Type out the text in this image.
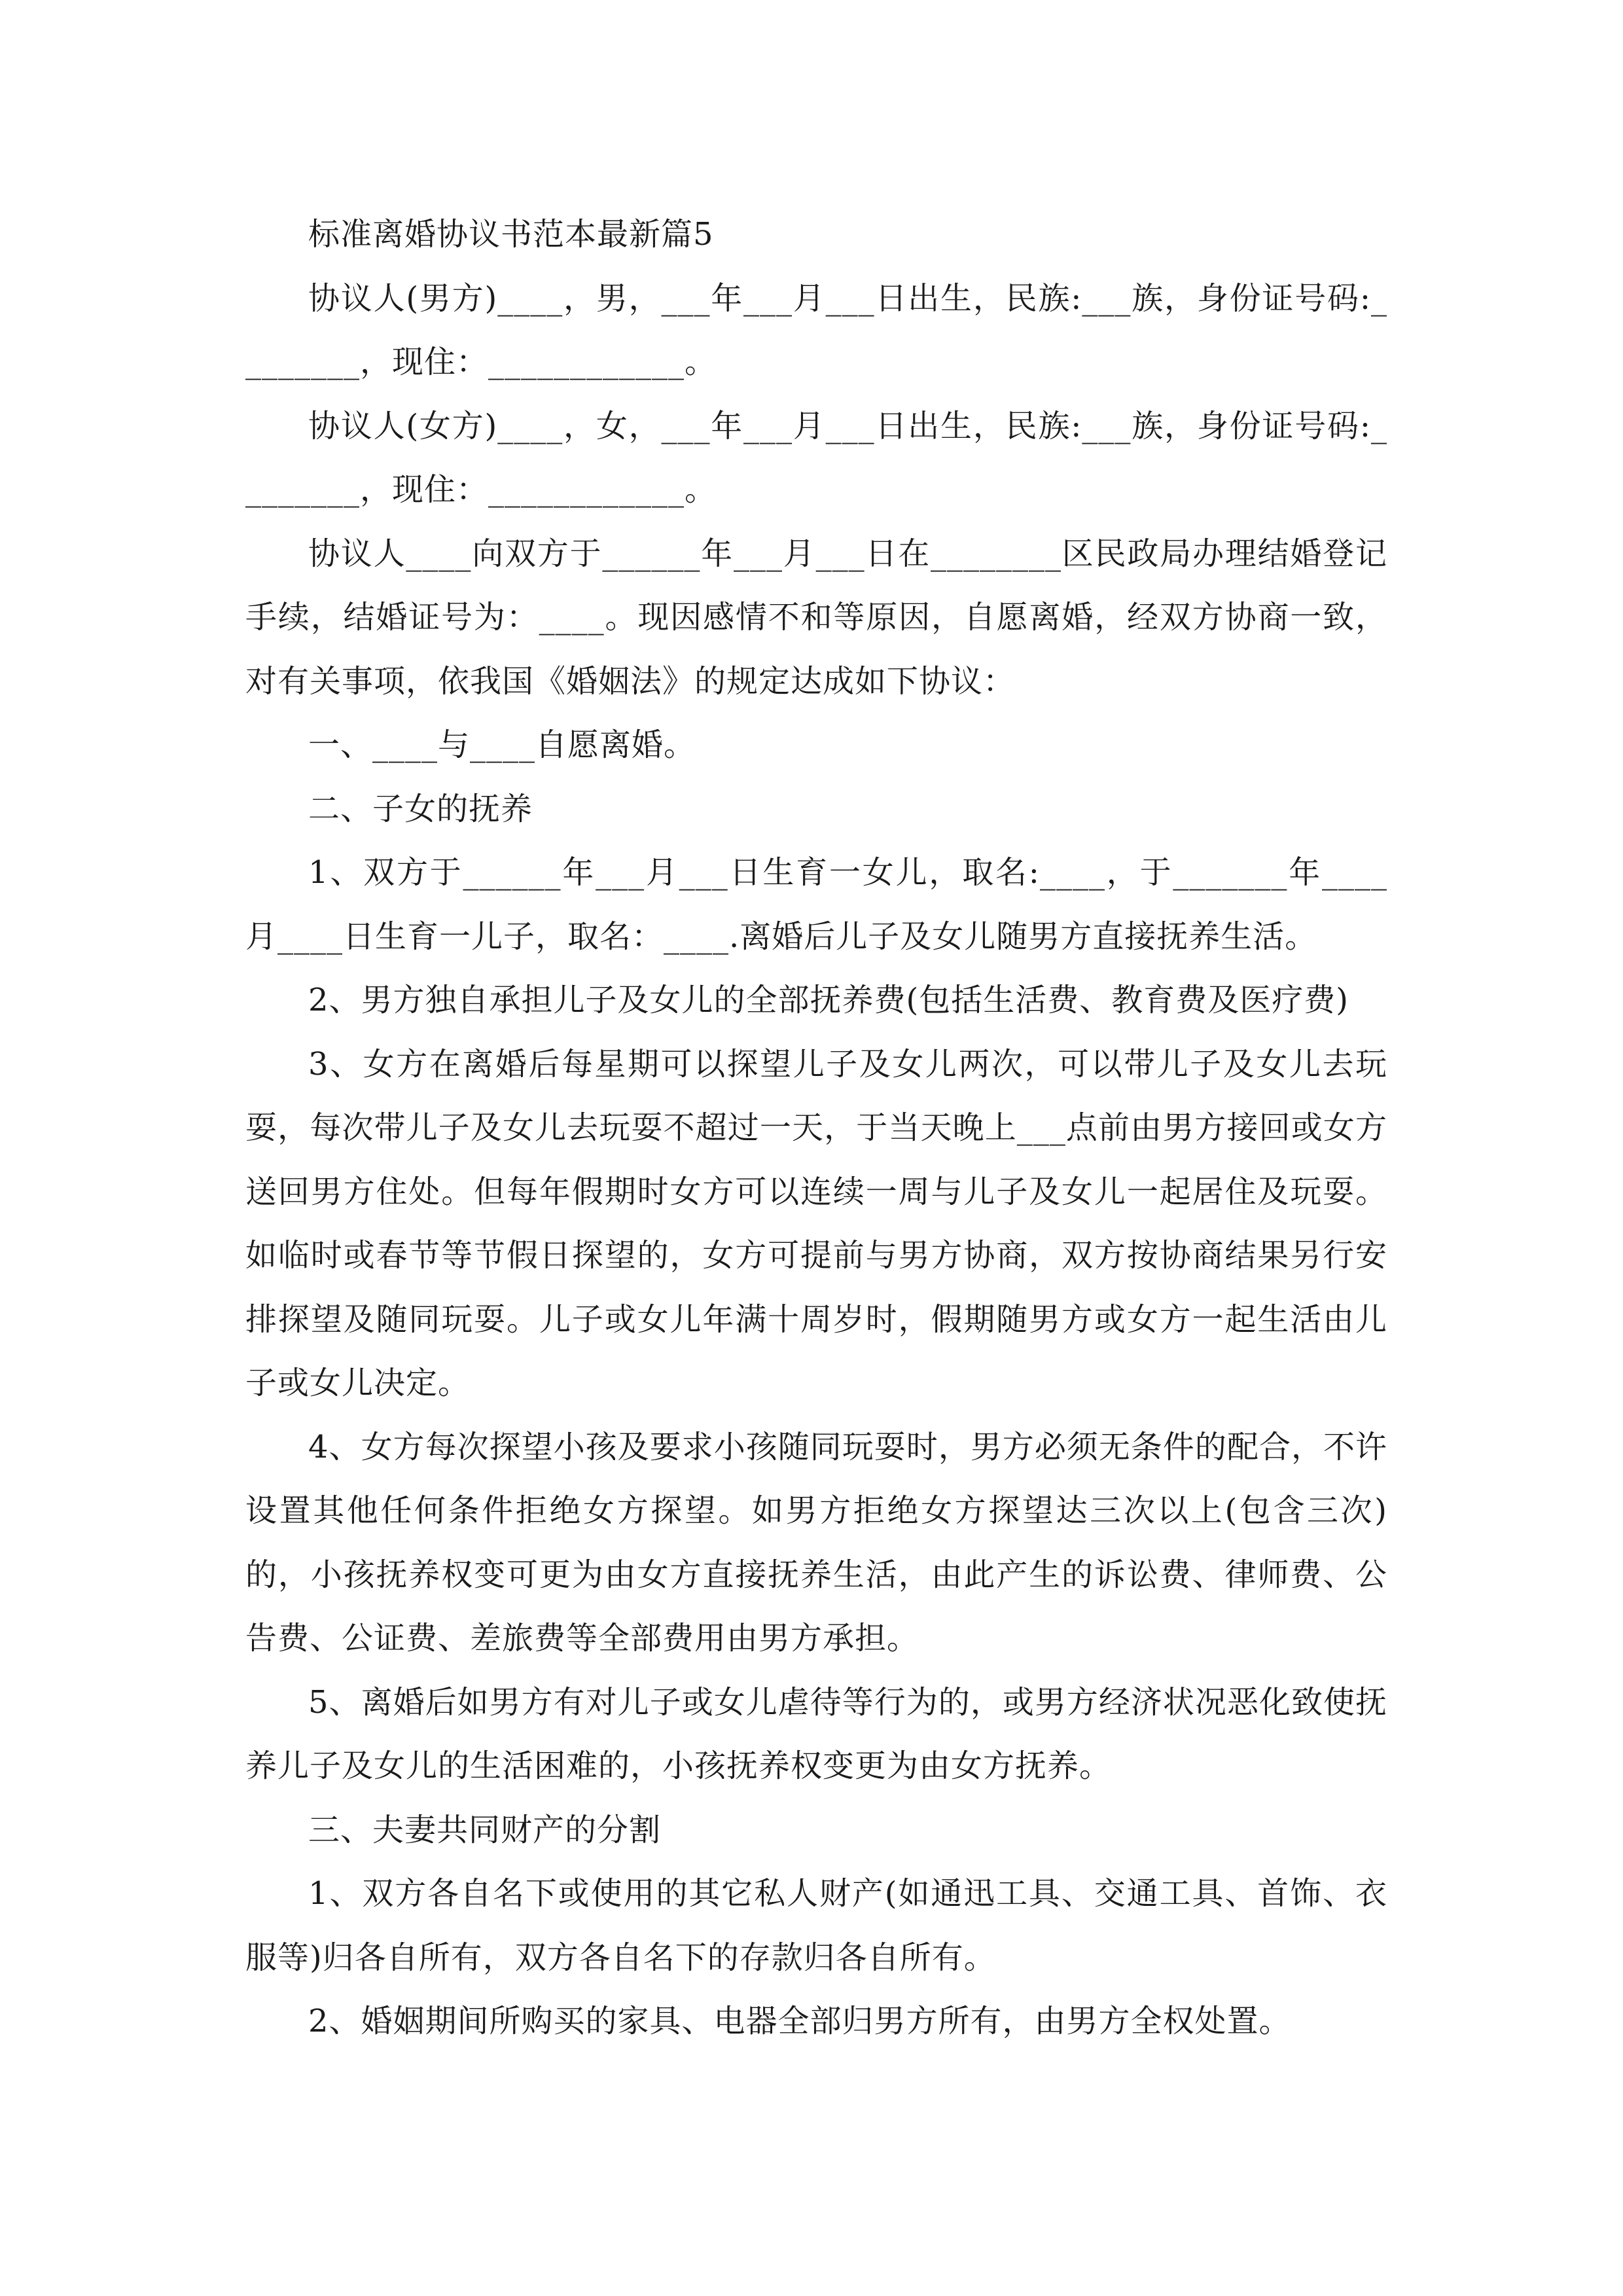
标准离婚协议书范本最新篇5

协议人(男方)____，男，___年___月___日出生，民族:___族，身份证号码:________，现住：____________。

协议人(女方)____，女，___年___月___日出生，民族:___族，身份证号码:________，现住：____________。

协议人____向双方于______年___月___日在________区民政局办理结婚登记手续，结婚证号为：____。现因感情不和等原因，自愿离婚，经双方协商一致，对有关事项，依我国《婚姻法》的规定达成如下协议：

一、____与____自愿离婚。

二、子女的抚养

1、双方于______年___月___日生育一女儿，取名:____，于_______年____月____日生育一儿子，取名：____.离婚后儿子及女儿随男方直接抚养生活。

2、男方独自承担儿子及女儿的全部抚养费(包括生活费、教育费及医疗费)

3、女方在离婚后每星期可以探望儿子及女儿两次，可以带儿子及女儿去玩耍，每次带儿子及女儿去玩耍不超过一天，于当天晚上___点前由男方接回或女方送回男方住处。但每年假期时女方可以连续一周与儿子及女儿一起居住及玩耍。如临时或春节等节假日探望的，女方可提前与男方协商，双方按协商结果另行安排探望及随同玩耍。儿子或女儿年满十周岁时，假期随男方或女方一起生活由儿子或女儿决定。

4、女方每次探望小孩及要求小孩随同玩耍时，男方必须无条件的配合，不许设置其他任何条件拒绝女方探望。如男方拒绝女方探望达三次以上(包含三次)的，小孩抚养权变可更为由女方直接抚养生活，由此产生的诉讼费、律师费、公告费、公证费、差旅费等全部费用由男方承担。

5、离婚后如男方有对儿子或女儿虐待等行为的，或男方经济状况恶化致使抚养儿子及女儿的生活困难的，小孩抚养权变更为由女方抚养。

三、夫妻共同财产的分割

1、双方各自名下或使用的其它私人财产(如通迅工具、交通工具、首饰、衣服等)归各自所有，双方各自名下的存款归各自所有。

2、婚姻期间所购买的家具、电器全部归男方所有，由男方全权处置。
